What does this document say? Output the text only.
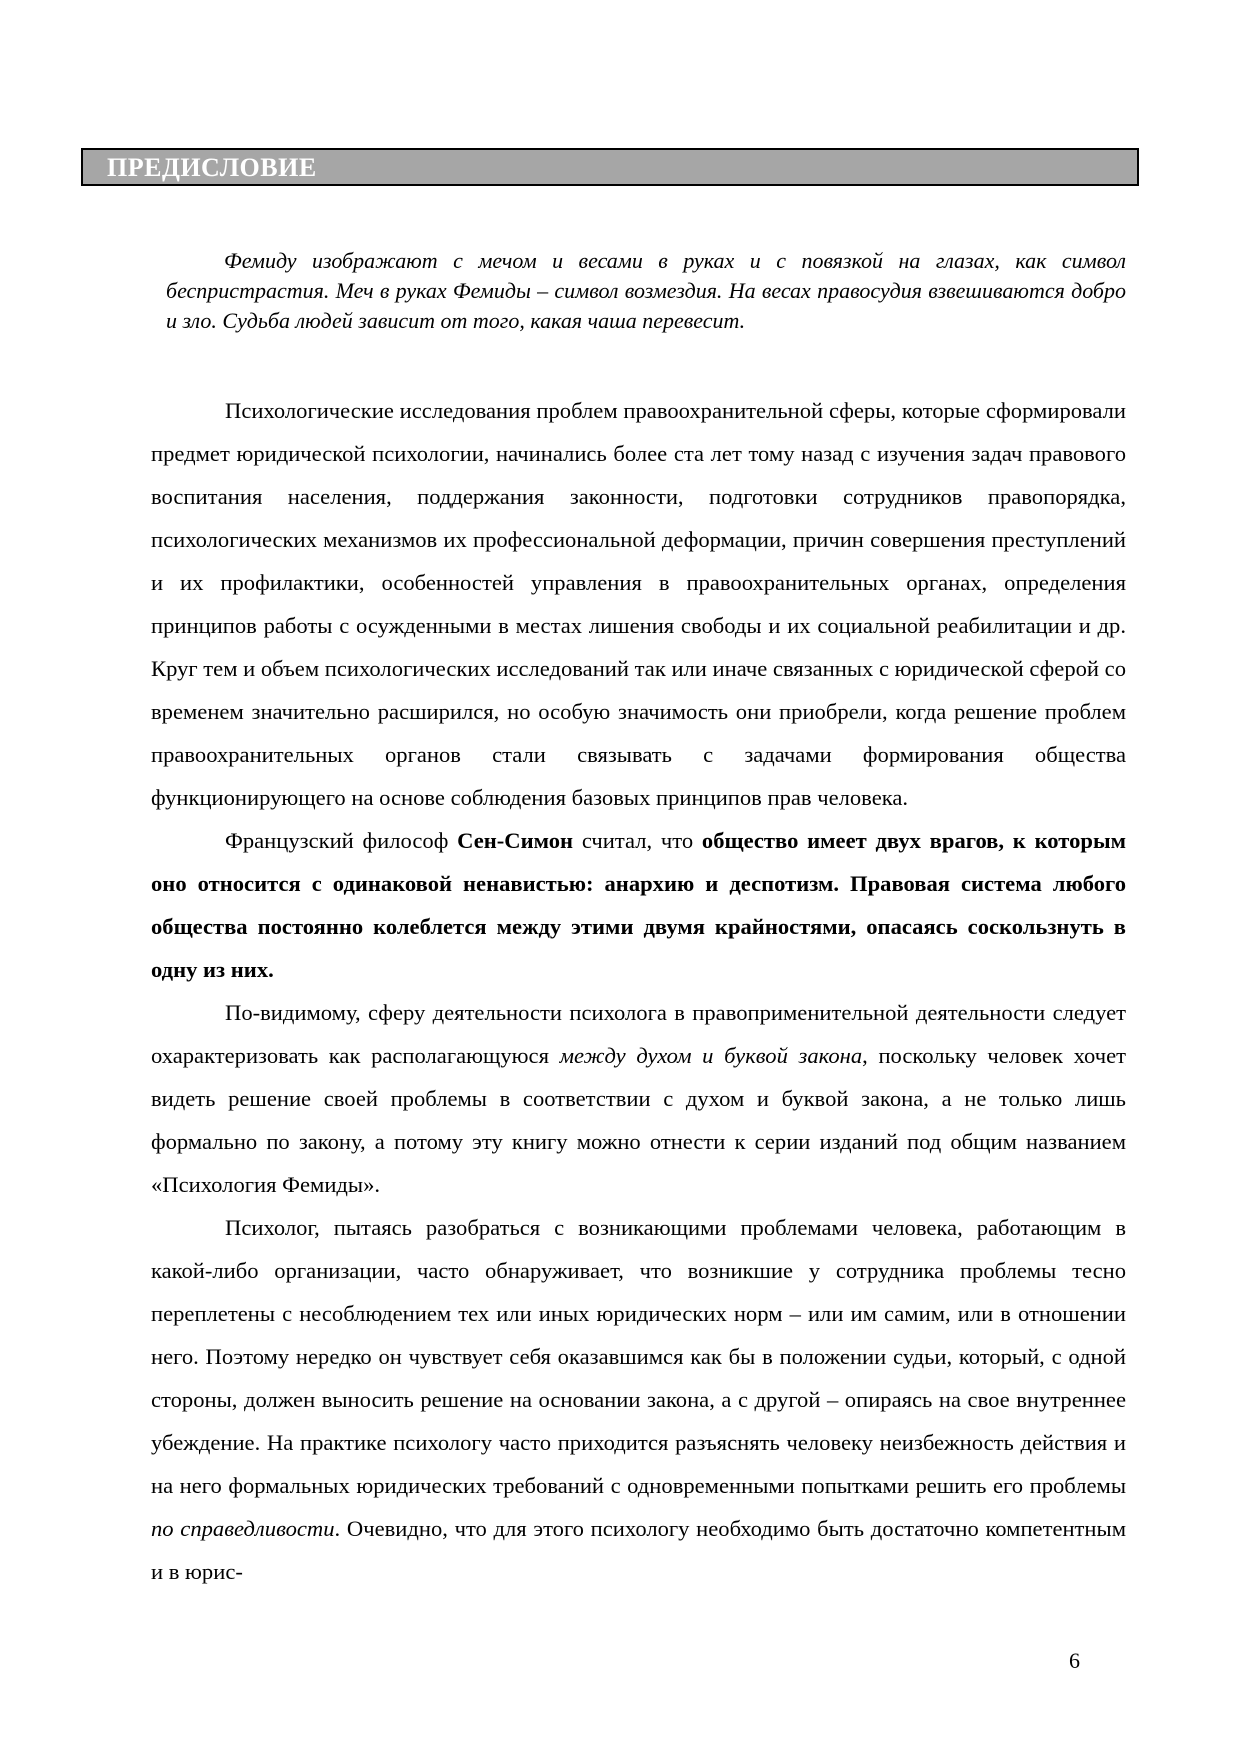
ПРЕДИСЛОВИЕ

Фемиду изображают с мечом и весами в руках и с повязкой на глазах, как символ беспристрастия. Меч в руках Фемиды – символ возмездия. На весах правосудия взвешиваются добро и зло. Судьба людей зависит от того, какая чаша перевесит.

Психологические исследования проблем правоохранительной сферы, которые сформировали предмет юридической психологии, начинались более ста лет тому назад с изучения задач правового воспитания населения, поддержания законности, подготовки сотрудников правопорядка, психологических механизмов их профессиональной деформации, причин совершения преступлений и их профилактики, особенностей управления в правоохранительных органах, определения принципов работы с осужденными в местах лишения свободы и их социальной реабилитации и др. Круг тем и объем психологических исследований так или иначе связанных с юридической сферой со временем значительно расширился, но особую значимость они приобрели, когда решение проблем правоохранительных органов стали связывать с задачами формирования общества функционирующего на основе соблюдения базовых принципов прав человека.

Французский философ Сен-Симон считал, что общество имеет двух врагов, к которым оно относится с одинаковой ненавистью: анархию и деспотизм. Правовая система любого общества постоянно колеблется между этими двумя крайностями, опасаясь соскользнуть в одну из них.

По-видимому, сферу деятельности психолога в правоприменительной деятельности следует охарактеризовать как располагающуюся между духом и буквой закона, поскольку человек хочет видеть решение своей проблемы в соответствии с духом и буквой закона, а не только лишь формально по закону, а потому эту книгу можно отнести к серии изданий под общим названием «Психология Фемиды».

Психолог, пытаясь разобраться с возникающими проблемами человека, работающим в какой-либо организации, часто обнаруживает, что возникшие у сотрудника проблемы тесно переплетены с несоблюдением тех или иных юридических норм – или им самим, или в отношении него. Поэтому нередко он чувствует себя оказавшимся как бы в положении судьи, который, с одной стороны, должен выносить решение на основании закона, а с другой – опираясь на свое внутреннее убеждение. На практике психологу часто приходится разъяснять человеку неизбежность действия и на него формальных юридических требований с одновременными попытками решить его проблемы по справедливости. Очевидно, что для этого психологу необходимо быть достаточно компетентным и в юрис-

6
